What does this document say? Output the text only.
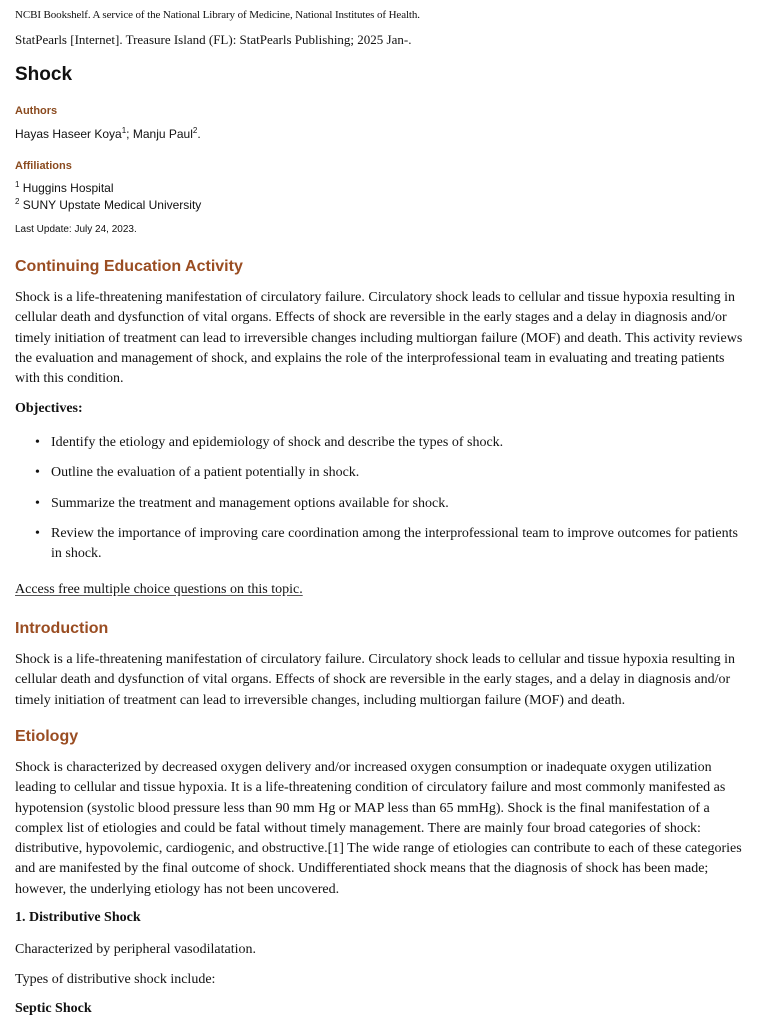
NCBI Bookshelf. A service of the National Library of Medicine, National Institutes of Health.
StatPearls [Internet]. Treasure Island (FL): StatPearls Publishing; 2025 Jan-.
Shock
Authors
Hayas Haseer Koya$^1$; Manju Paul$^2$.
Affiliations
$^1$ Huggins Hospital
$^2$ SUNY Upstate Medical University
Last Update: July 24, 2023.
Continuing Education Activity

Shock is a life-threatening manifestation of circulatory failure. Circulatory shock leads to cellular and tissue hypoxia resulting in cellular death and dysfunction of vital organs. Effects of shock are reversible in the early stages and a delay in diagnosis and/or timely initiation of treatment can lead to irreversible changes including multiorgan failure (MOF) and death. This activity reviews the evaluation and management of shock, and explains the role of the interprofessional team in evaluating and treating patients with this condition.

Objectives:
• Identify the etiology and epidemiology of shock and describe the types of shock.
• Outline the evaluation of a patient potentially in shock.
• Summarize the treatment and management options available for shock.
• Review the importance of improving care coordination among the interprofessional team to improve outcomes for patients in shock.
Access free multiple choice questions on this topic.
Introduction

Shock is a life-threatening manifestation of circulatory failure. Circulatory shock leads to cellular and tissue hypoxia resulting in cellular death and dysfunction of vital organs. Effects of shock are reversible in the early stages, and a delay in diagnosis and/or timely initiation of treatment can lead to irreversible changes, including multiorgan failure (MOF) and death.

Etiology

Shock is characterized by decreased oxygen delivery and/or increased oxygen consumption or inadequate oxygen utilization leading to cellular and tissue hypoxia. It is a life-threatening condition of circulatory failure and most commonly manifested as hypotension (systolic blood pressure less than 90 mm Hg or MAP less than 65 mmHg). Shock is the final manifestation of a complex list of etiologies and could be fatal without timely management. There are mainly four broad categories of shock: distributive, hypovolemic, cardiogenic, and obstructive.[1] The wide range of etiologies can contribute to each of these categories and are manifested by the final outcome of shock. Undifferentiated shock means that the diagnosis of shock has been made; however, the underlying etiology has not been uncovered.

1. Distributive Shock
Characterized by peripheral vasodilatation.
Types of distributive shock include:
Septic Shock
